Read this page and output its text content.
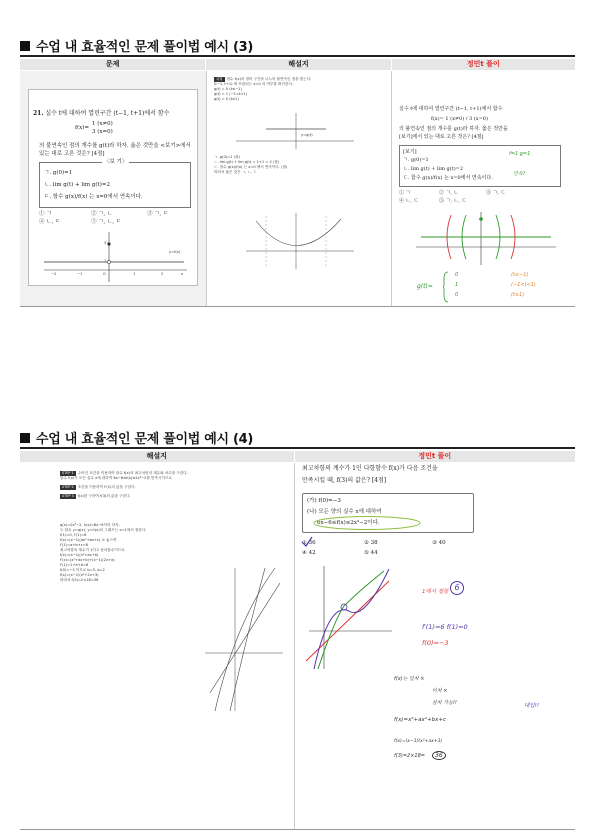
수업 내 효율적인 문제 풀이법 예시 (3)
문제	해설지	정민t 풀이
21. 실수 t에 대하여 열린구간 (t−1, t+1)에서 함수
f(x)=
1 (x≠0)
3 (x=0)
의 불연속인 점의 개수를 g(t)라 하자. 옳은 것만을 <보기>에서
있는 대로 고른 것은? [4점]
〈보 기〉
ㄱ. g(0)=1
ㄴ. lim g(t) + lim g(t)=2
ㄷ. 함수 g(x)/f(x) 는 x=0에서 연속이다.
① ㄱ	② ㄱ, ㄴ	③ ㄱ, ㄷ
④ ㄴ, ㄷ	⑤ ㄱ, ㄴ, ㄷ
y=f(x)
3
1
−2	−1	O	1	2	x
유형 함수 f(x)의 정의 구간을 나누어 불연속인 점을 찾는다.
(t−1, t+1) 에 포함되는 x=0 의 여부를 확인한다.
g(t) = 0 (t≤−1)
g(t) = 1 (−1<t<1)
g(t) = 0 (t≥1)
y=g(t)
ㄱ. g(0)=1 (참)
ㄴ. lim g(t) + lim g(t) = 1+1 = 2 (참)
ㄷ. 함수 g(x)/f(x) 는 x=0 에서 연속이다. (참)
따라서 옳은 것은 ㄱ, ㄴ, ㄷ
실수 t에 대하여 열린구간 (t−1, t+1)에서 함수
f(x)= 1 (x≠0) / 3 (x=0)
의 불연속인 점의 개수를 g(t)라 하자. 옳은 것만을
[보기]에서 있는 대로 고른 것은? [4점]
[보기]
ㄱ. g(0)=1
ㄴ. lim g(t) + lim g(t)=2
ㄷ. 함수 g(x)/f(x) 는 x=0에서 연속이다.
f=1 g=1
연속?
① ㄱ	② ㄱ, ㄴ	③ ㄱ, ㄷ
④ ㄴ, ㄷ	⑤ ㄱ, ㄴ, ㄷ
g(t)=
0
1
0
(t≤−1)
(−1<t<1)
(t≥1)
수업 내 효율적인 문제 풀이법 예시 (4)
해설지	정민t 풀이
STEP 1 주어진 조건을 이용하여 함수 f(x)의 최고차항의 계수와 차수를 구한다.
함수 f(x)가 모든 실수 x에 대하여 6x−6≤f(x)≤2x³−2를 만족시키므로
STEP 2 조건을 이용하여 f′(1)의 값을 구한다.
STEP 3 f(x)를 구하여 f(3)의 값을 구한다.
g(x)=2x³−2, h(x)=6x−6이라 하자.
두 함수 y=g(x), y=h(x)의 그래프는 x=1에서 접한다.
f(1)=0, f′(1)=6
f(x)=(x−1)(ax²+bx+c) 로 놓으면
f′(1)=a+b+c=6
최고차항의 계수가 1이고 삼차함수이므로
f(x)=(x−1)(x²+ax+b)
f′(x)=(x²+ax+b)+(x−1)(2x+a)
f′(1)=1+a+b=6
f(0)=−3 이므로 b=3, a=2
f(x)=(x−1)(x²+2x+3)
따라서 f(3)=2×18=36
최고차항의 계수가 1인 다항함수 f(x)가 다음 조건을
만족시킬 때, f(3)의 값은? [4점]
(가) f(0)=−3
(나) 모든 양의 실수 x에 대하여
6x−6≤f(x)≤2x³−2이다.
① 36	② 38	③ 40
④ 42	⑤ 44
1에서 접함 6
f′(1)=6 f(1)=0
f(0)=−3
f(x)는 일차 ×
이차 ×
삼차 가능!!
f(x)=x³+ax²+bx+c
대입!!
f(x)=(x−1)(x²+ax+3)
f(3)=2×18=	36
